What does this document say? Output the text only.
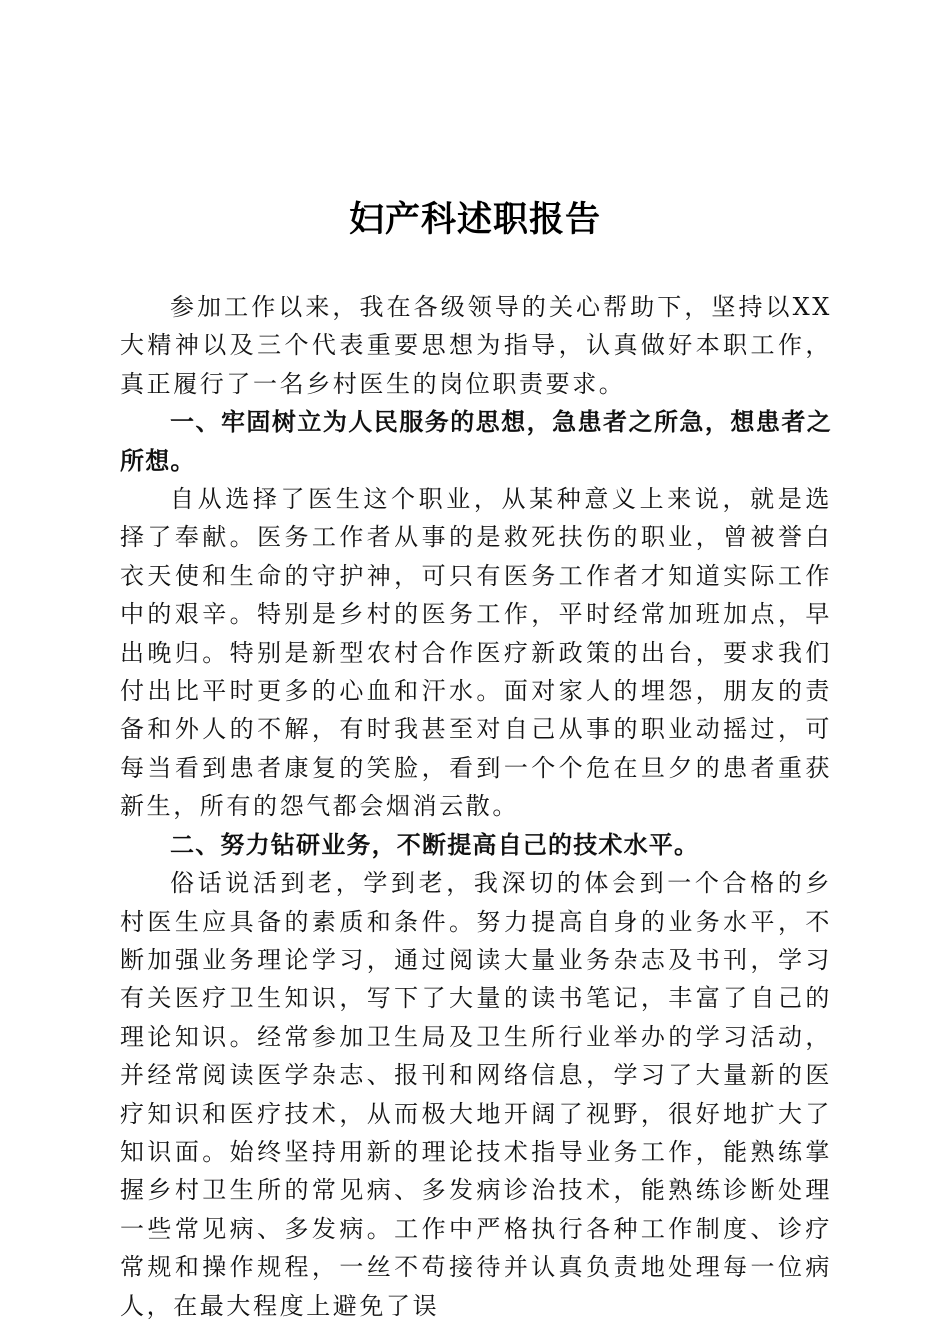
妇产科述职报告

参加工作以来，我在各级领导的关心帮助下，坚持以XX大精神以及三个代表重要思想为指导，认真做好本职工作，真正履行了一名乡村医生的岗位职责要求。

一、牢固树立为人民服务的思想，急患者之所急，想患者之所想。

自从选择了医生这个职业，从某种意义上来说，就是选择了奉献。医务工作者从事的是救死扶伤的职业，曾被誉白衣天使和生命的守护神，可只有医务工作者才知道实际工作中的艰辛。特别是乡村的医务工作，平时经常加班加点，早出晚归。特别是新型农村合作医疗新政策的出台，要求我们付出比平时更多的心血和汗水。面对家人的埋怨，朋友的责备和外人的不解，有时我甚至对自己从事的职业动摇过，可每当看到患者康复的笑脸，看到一个个危在旦夕的患者重获新生，所有的怨气都会烟消云散。

二、努力钻研业务，不断提高自己的技术水平。

俗话说活到老，学到老，我深切的体会到一个合格的乡村医生应具备的素质和条件。努力提高自身的业务水平，不断加强业务理论学习，通过阅读大量业务杂志及书刊，学习有关医疗卫生知识，写下了大量的读书笔记，丰富了自己的理论知识。经常参加卫生局及卫生所行业举办的学习活动，并经常阅读医学杂志、报刊和网络信息，学习了大量新的医疗知识和医疗技术，从而极大地开阔了视野，很好地扩大了知识面。始终坚持用新的理论技术指导业务工作，能熟练掌握乡村卫生所的常见病、多发病诊治技术，能熟练诊断处理一些常见病、多发病。工作中严格执行各种工作制度、诊疗常规和操作规程，一丝不苟接待并认真负责地处理每一位病人，在最大程度上避免了误
